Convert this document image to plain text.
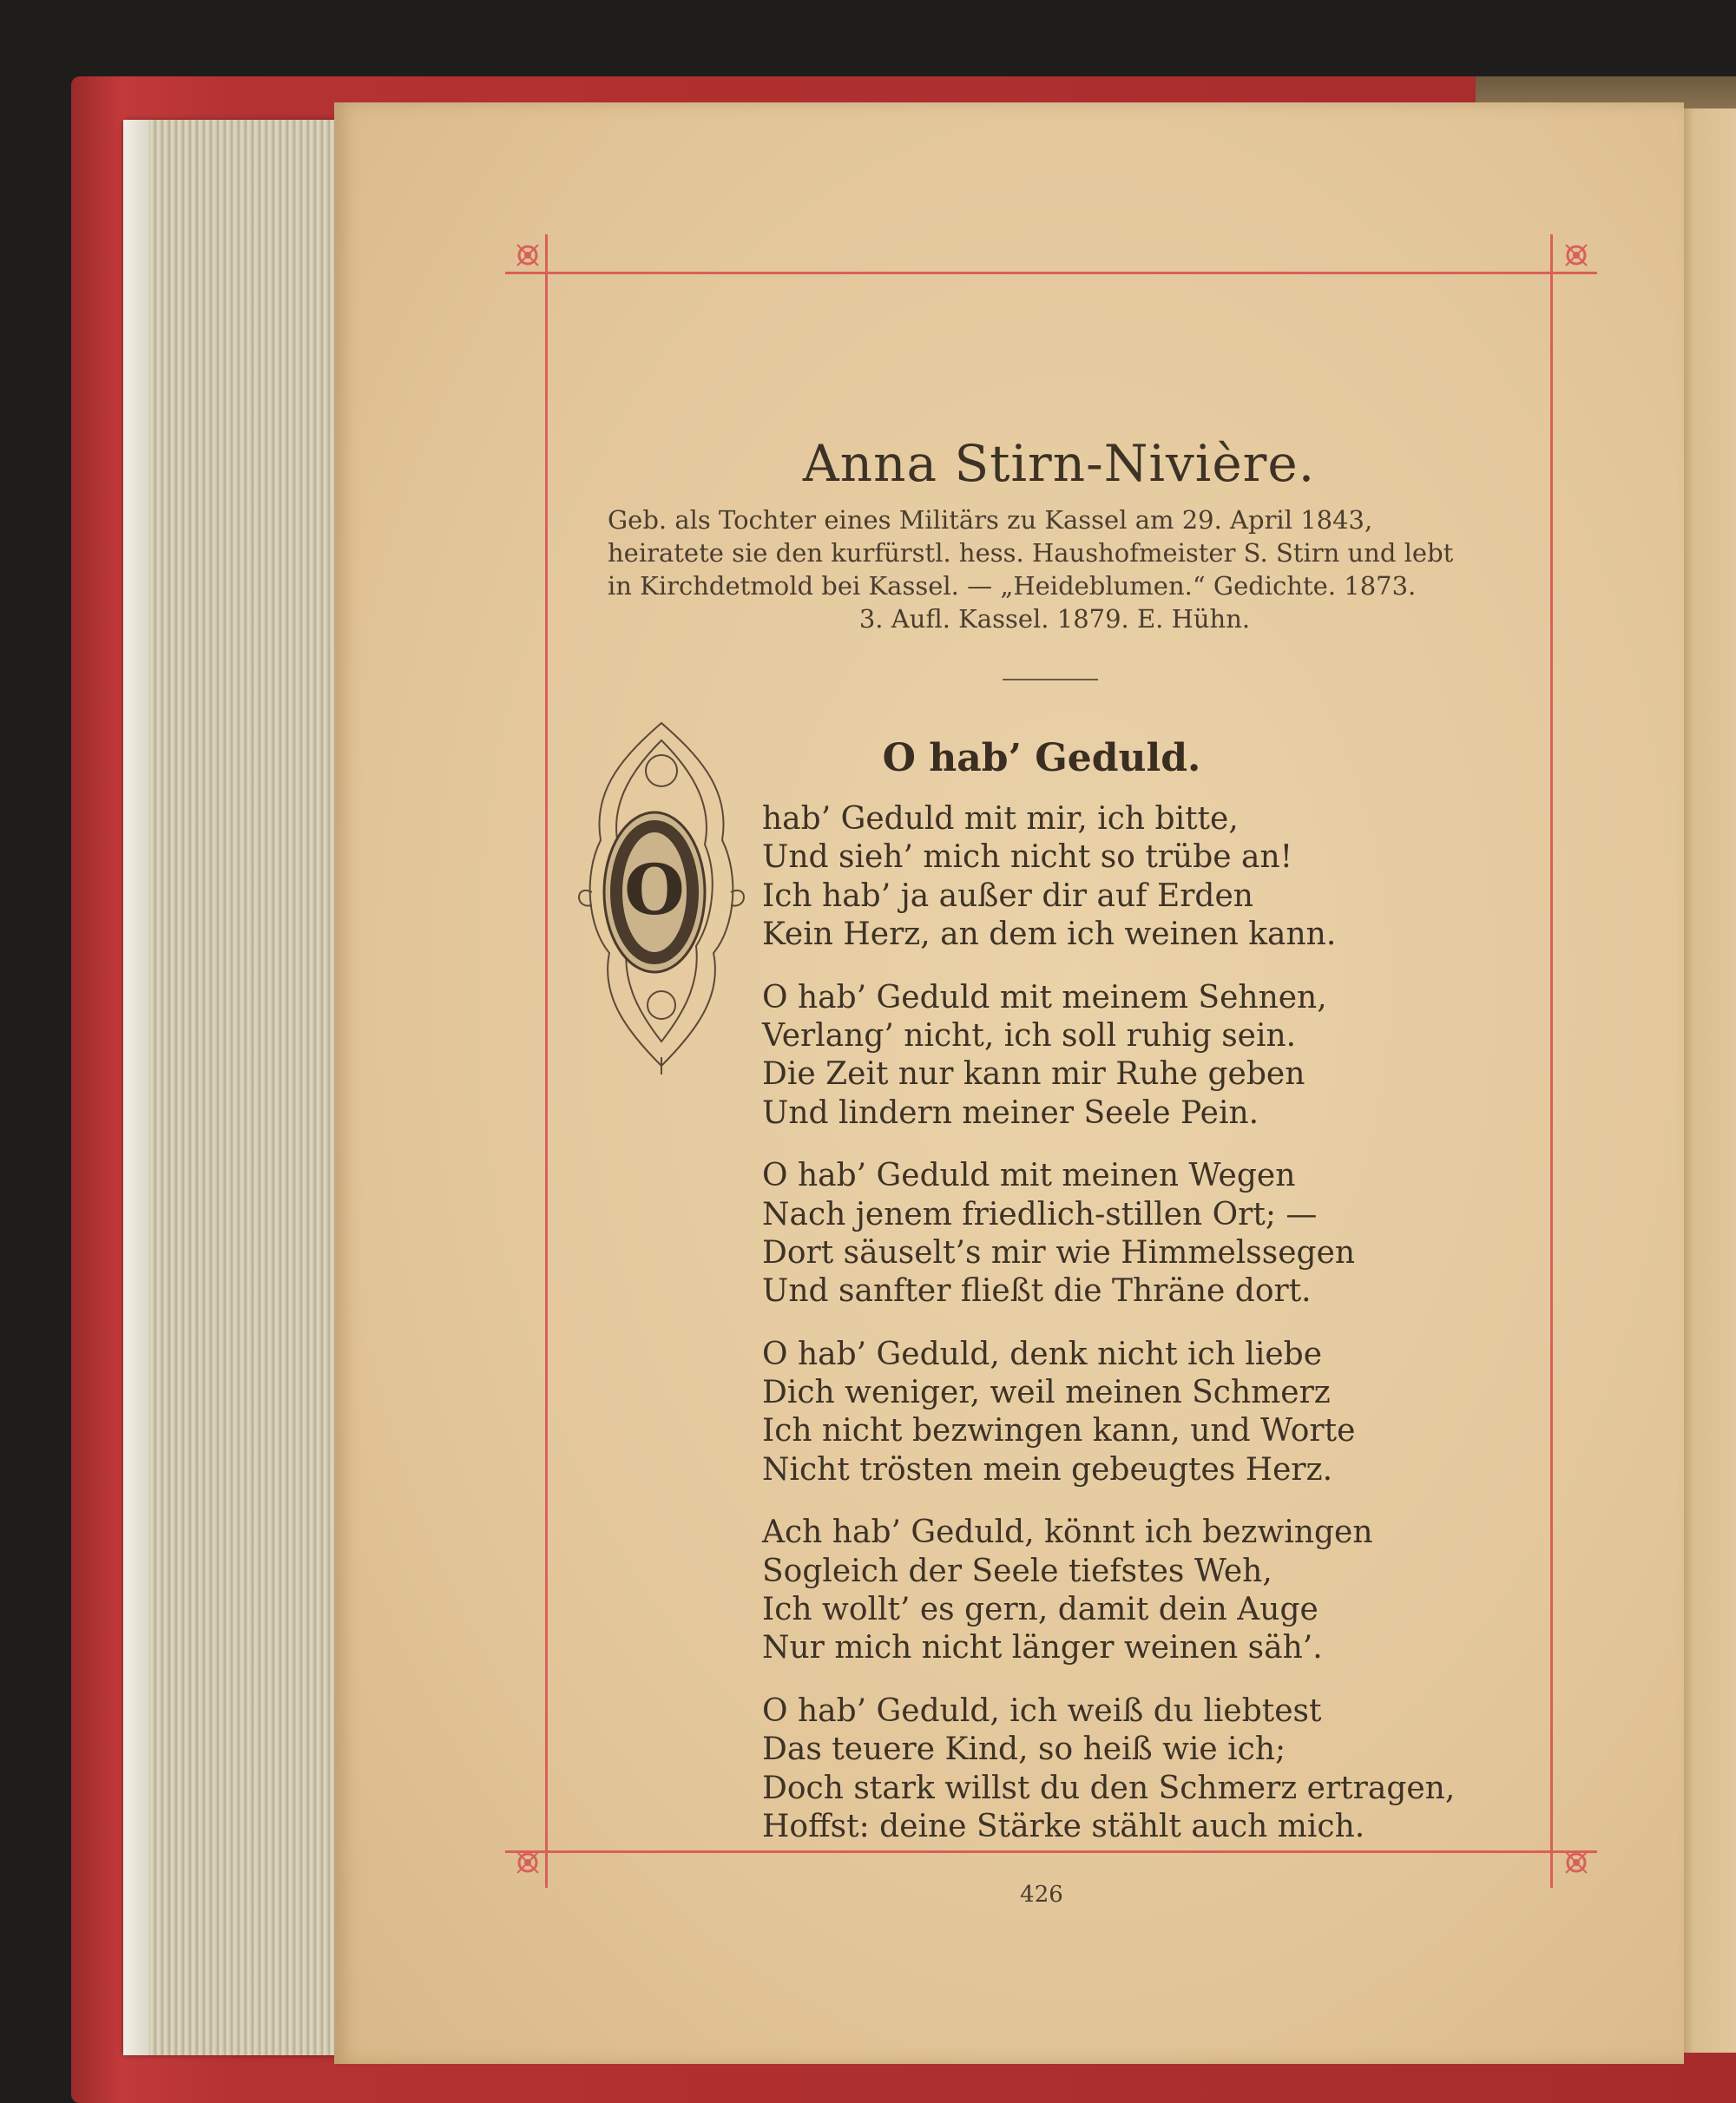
Anna Stirn-Nivière.
Geb. als Tochter eines Militärs zu Kassel am 29. April 1843,
heiratete sie den kurfürstl. hess. Haushofmeister S. Stirn und lebt
in Kirchdetmold bei Kassel. — „Heideblumen.“ Gedichte. 1873.
3. Aufl. Kassel. 1879. E. Hühn.
O hab’ Geduld.
O
hab’ Geduld mit mir, ich bitte,
Und sieh’ mich nicht so trübe an!
Ich hab’ ja außer dir auf Erden
Kein Herz, an dem ich weinen kann.
O hab’ Geduld mit meinem Sehnen,
Verlang’ nicht, ich soll ruhig sein.
Die Zeit nur kann mir Ruhe geben
Und lindern meiner Seele Pein.
O hab’ Geduld mit meinen Wegen
Nach jenem friedlich-stillen Ort; —
Dort säuselt’s mir wie Himmelssegen
Und sanfter fließt die Thräne dort.
O hab’ Geduld, denk nicht ich liebe
Dich weniger, weil meinen Schmerz
Ich nicht bezwingen kann, und Worte
Nicht trösten mein gebeugtes Herz.
Ach hab’ Geduld, könnt ich bezwingen
Sogleich der Seele tiefstes Weh,
Ich wollt’ es gern, damit dein Auge
Nur mich nicht länger weinen säh’.
O hab’ Geduld, ich weiß du liebtest
Das teuere Kind, so heiß wie ich;
Doch stark willst du den Schmerz ertragen,
Hoffst: deine Stärke stählt auch mich.
426
